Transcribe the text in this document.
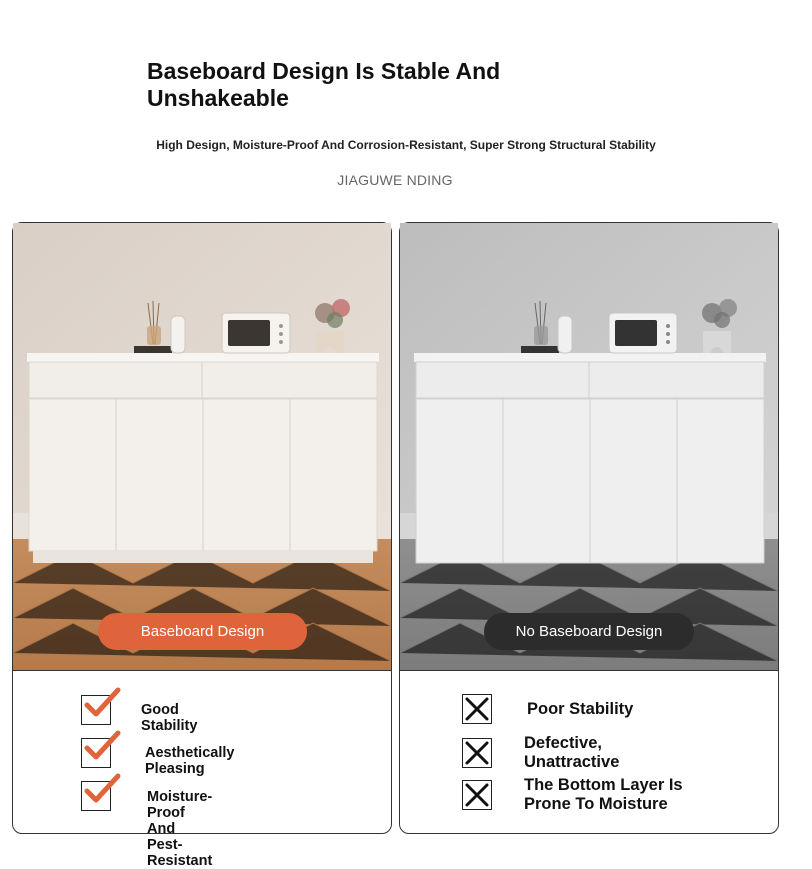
Baseboard Design Is Stable And Unshakeable
High Design, Moisture-Proof And Corrosion-Resistant, Super Strong Structural Stability
JIAGUWE NDING
Baseboard Design
Good Stability
Aesthetically Pleasing
Moisture-Proof And Pest-Resistant
No Baseboard Design
Poor Stability
Defective, Unattractive
The Bottom Layer Is Prone To Moisture
